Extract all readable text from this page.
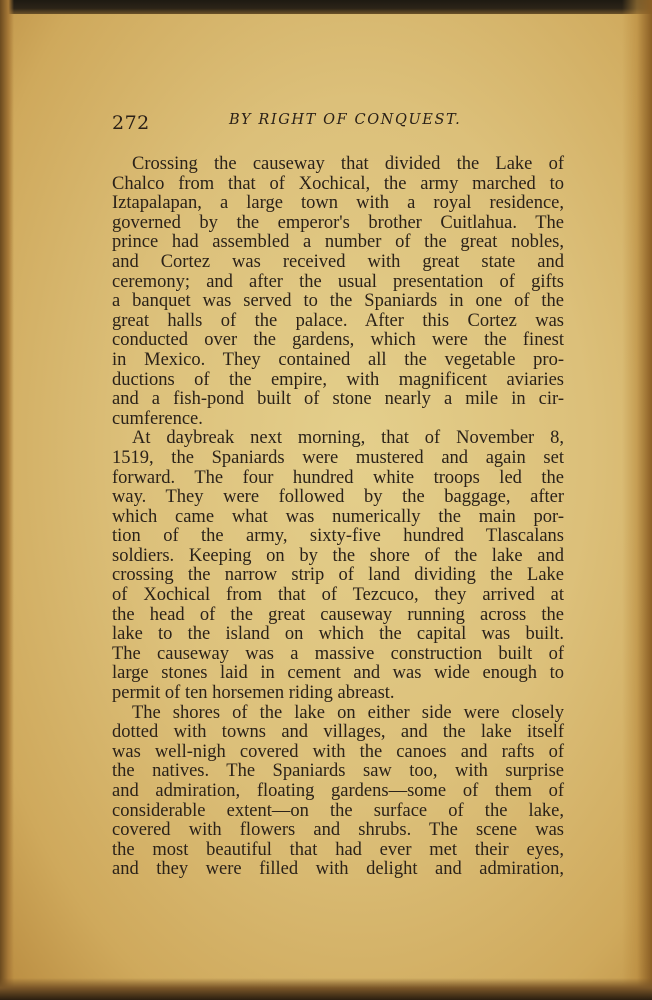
272	BY RIGHT OF CONQUEST.
Crossing the causeway that divided the Lake of
Chalco from that of Xochical, the army marched to
Iztapalapan, a large town with a royal residence,
governed by the emperor's brother Cuitlahua. The
prince had assembled a number of the great nobles,
and Cortez was received with great state and
ceremony; and after the usual presentation of gifts
a banquet was served to the Spaniards in one of the
great halls of the palace. After this Cortez was
conducted over the gardens, which were the finest
in Mexico. They contained all the vegetable pro-
ductions of the empire, with magnificent aviaries
and a fish-pond built of stone nearly a mile in cir-
cumference.
At daybreak next morning, that of November 8,
1519, the Spaniards were mustered and again set
forward. The four hundred white troops led the
way. They were followed by the baggage, after
which came what was numerically the main por-
tion of the army, sixty-five hundred Tlascalans
soldiers. Keeping on by the shore of the lake and
crossing the narrow strip of land dividing the Lake
of Xochical from that of Tezcuco, they arrived at
the head of the great causeway running across the
lake to the island on which the capital was built.
The causeway was a massive construction built of
large stones laid in cement and was wide enough to
permit of ten horsemen riding abreast.
The shores of the lake on either side were closely
dotted with towns and villages, and the lake itself
was well-nigh covered with the canoes and rafts of
the natives. The Spaniards saw too, with surprise
and admiration, floating gardens—some of them of
considerable extent—on the surface of the lake,
covered with flowers and shrubs. The scene was
the most beautiful that had ever met their eyes,
and they were filled with delight and admiration,
